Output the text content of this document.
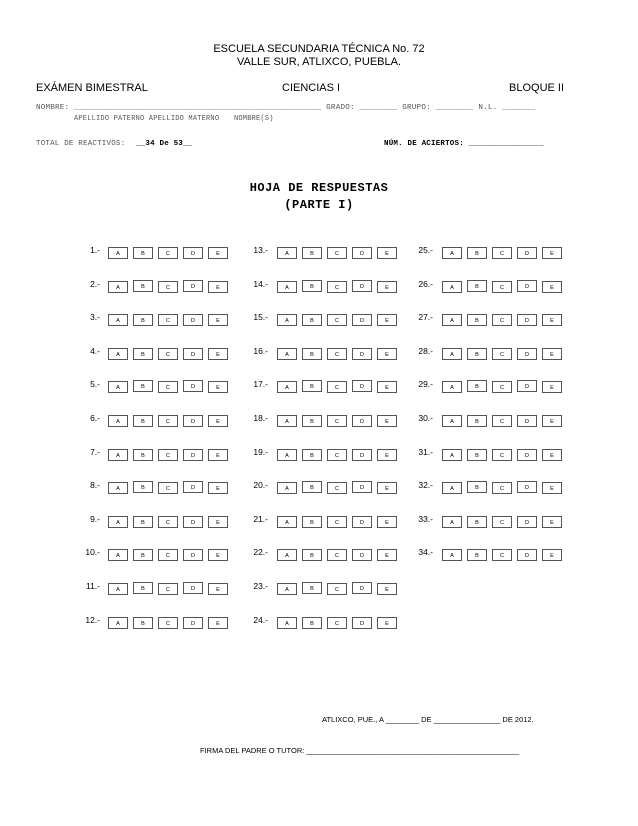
ESCUELA SECUNDARIA TÉCNICA No. 72
VALLE SUR, ATLIXCO, PUEBLA.
EXÁMEN BIMESTRAL	CIENCIAS I	BLOQUE II
NOMBRE: ____________________________________________________ GRADO: ________ GRUPO: ________ N.L. _______
APELLIDO PATERNO APELLIDO MATERNO NOMBRE(S)
TOTAL DE REACTIVOS: __34 De 53__	NÚM. DE ACIERTOS: ________________
HOJA DE RESPUESTAS
(PARTE I)
1.-	A	B	C	D	E
2.-	A	B	C	D	E
3.-	A	B	C	D	E
4.-	A	B	C	D	E
5.-	A	B	C	D	E
6.-	A	B	C	D	E
7.-	A	B	C	D	E
8.-	A	B	C	D	E
9.-	A	B	C	D	E
10.-	A	B	C	D	E
11.-	A	B	C	D	E
12.-	A	B	C	D	E
13.-	A	B	C	D	E
14.-	A	B	C	D	E
15.-	A	B	C	D	E
16.-	A	B	C	D	E
17.-	A	B	C	D	E
18.-	A	B	C	D	E
19.-	A	B	C	D	E
20.-	A	B	C	D	E
21.-	A	B	C	D	E
22.-	A	B	C	D	E
23.-	A	B	C	D	E
24.-	A	B	C	D	E
25.-	A	B	C	D	E
26.-	A	B	C	D	E
27.-	A	B	C	D	E
28.-	A	B	C	D	E
29.-	A	B	C	D	E
30.-	A	B	C	D	E
31.-	A	B	C	D	E
32.-	A	B	C	D	E
33.-	A	B	C	D	E
34.-	A	B	C	D	E
ATLIXCO, PUE., A ________ DE ________________ DE 2012.
FIRMA DEL PADRE O TUTOR: ___________________________________________________
